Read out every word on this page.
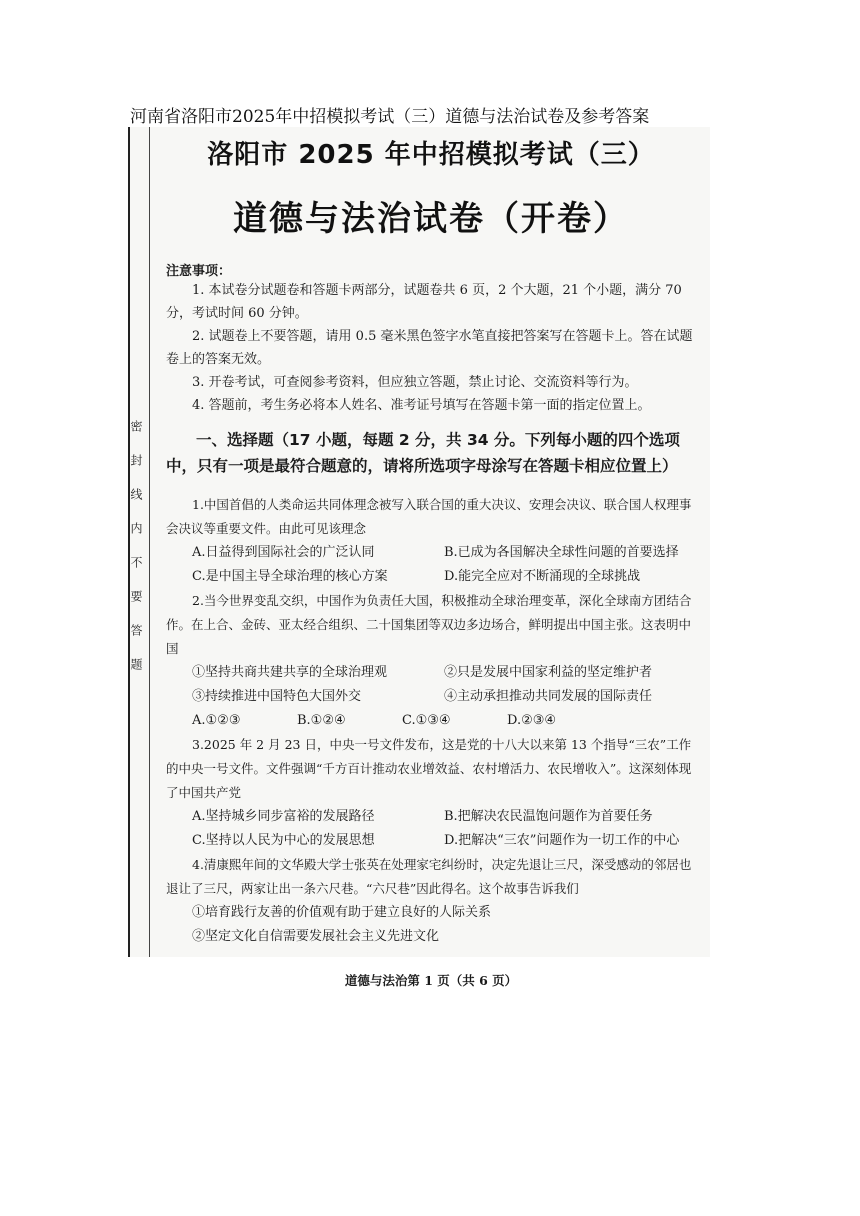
河南省洛阳市2025年中招模拟考试（三）道德与法治试卷及参考答案
密封线内不要答题
洛阳市 2025 年中招模拟考试（三）
道德与法治试卷（开卷）
注意事项：

1. 本试卷分试题卷和答题卡两部分，试题卷共 6 页，2 个大题，21 个小题，满分 70 分，考试时间 60 分钟。

2. 试题卷上不要答题，请用 0.5 毫米黑色签字水笔直接把答案写在答题卡上。答在试题卷上的答案无效。

3. 开卷考试，可查阅参考资料，但应独立答题，禁止讨论、交流资料等行为。

4. 答题前，考生务必将本人姓名、准考证号填写在答题卡第一面的指定位置上。

一、选择题（17 小题，每题 2 分，共 34 分。下列每小题的四个选项中，只有一项是最符合题意的，请将所选项字母涂写在答题卡相应位置上）

1.中国首倡的人类命运共同体理念被写入联合国的重大决议、安理会决议、联合国人权理事会决议等重要文件。由此可见该理念

A.日益得到国际社会的广泛认同	B.已成为各国解决全球性问题的首要选择
C.是中国主导全球治理的核心方案	D.能完全应对不断涌现的全球挑战

2.当今世界变乱交织，中国作为负责任大国，积极推动全球治理变革，深化全球南方团结合作。在上合、金砖、亚太经合组织、二十国集团等双边多边场合，鲜明提出中国主张。这表明中国

①坚持共商共建共享的全球治理观	②只是发展中国家利益的坚定维护者
③持续推进中国特色大国外交	④主动承担推动共同发展的国际责任
A.①②③	B.①②④	C.①③④	D.②③④

3.2025 年 2 月 23 日，中央一号文件发布，这是党的十八大以来第 13 个指导“三农”工作的中央一号文件。文件强调“千方百计推动农业增效益、农村增活力、农民增收入”。这深刻体现了中国共产党

A.坚持城乡同步富裕的发展路径	B.把解决农民温饱问题作为首要任务
C.坚持以人民为中心的发展思想	D.把解决“三农”问题作为一切工作的中心

4.清康熙年间的文华殿大学士张英在处理家宅纠纷时，决定先退让三尺，深受感动的邻居也退让了三尺，两家让出一条六尺巷。“六尺巷”因此得名。这个故事告诉我们

①培育践行友善的价值观有助于建立良好的人际关系
②坚定文化自信需要发展社会主义先进文化
道德与法治第 1 页（共 6 页）
